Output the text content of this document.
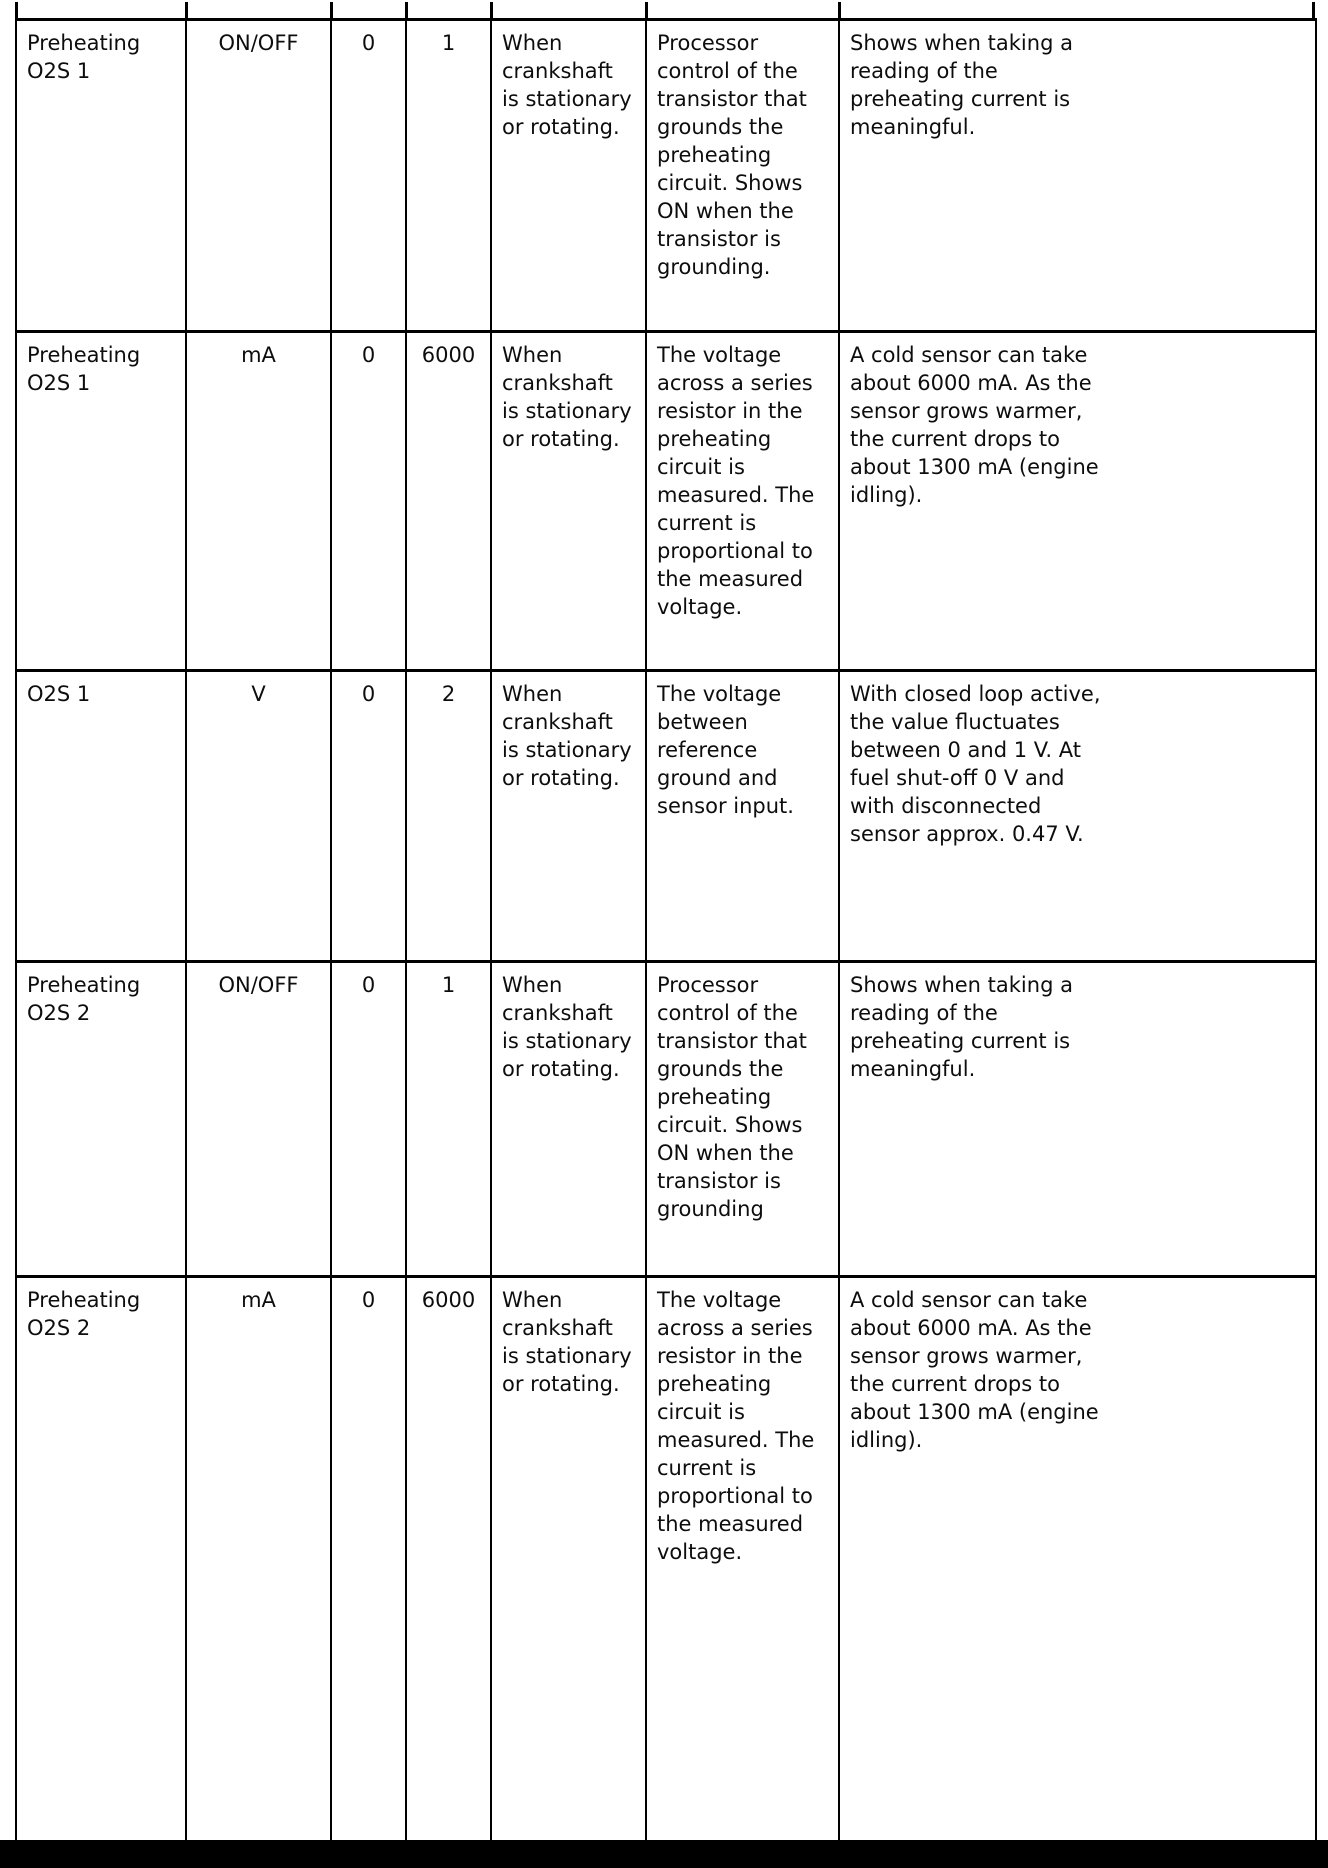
Preheating O2S 1	ON/OFF	0	1	When crankshaft is stationary or rotating.	Processor control of the transistor that grounds the preheating circuit. Shows ON when the transistor is grounding.	Shows when taking a reading of the preheating current is meaningful.

Preheating O2S 1	mA	0	6000	When crankshaft is stationary or rotating.	The voltage across a series resistor in the preheating circuit is measured. The current is proportional to the measured voltage.	A cold sensor can take about 6000 mA. As the sensor grows warmer, the current drops to about 1300 mA (engine idling).

O2S 1	V	0	2	When crankshaft is stationary or rotating.	The voltage between reference ground and sensor input.	With closed loop active, the value fluctuates between 0 and 1 V. At fuel shut-off 0 V and with disconnected sensor approx. 0.47 V.

Preheating O2S 2	ON/OFF	0	1	When crankshaft is stationary or rotating.	Processor control of the transistor that grounds the preheating circuit. Shows ON when the transistor is grounding	Shows when taking a reading of the preheating current is meaningful.

Preheating O2S 2	mA	0	6000	When crankshaft is stationary or rotating.	The voltage across a series resistor in the preheating circuit is measured. The current is proportional to the measured voltage.	A cold sensor can take about 6000 mA. As the sensor grows warmer, the current drops to about 1300 mA (engine idling).
